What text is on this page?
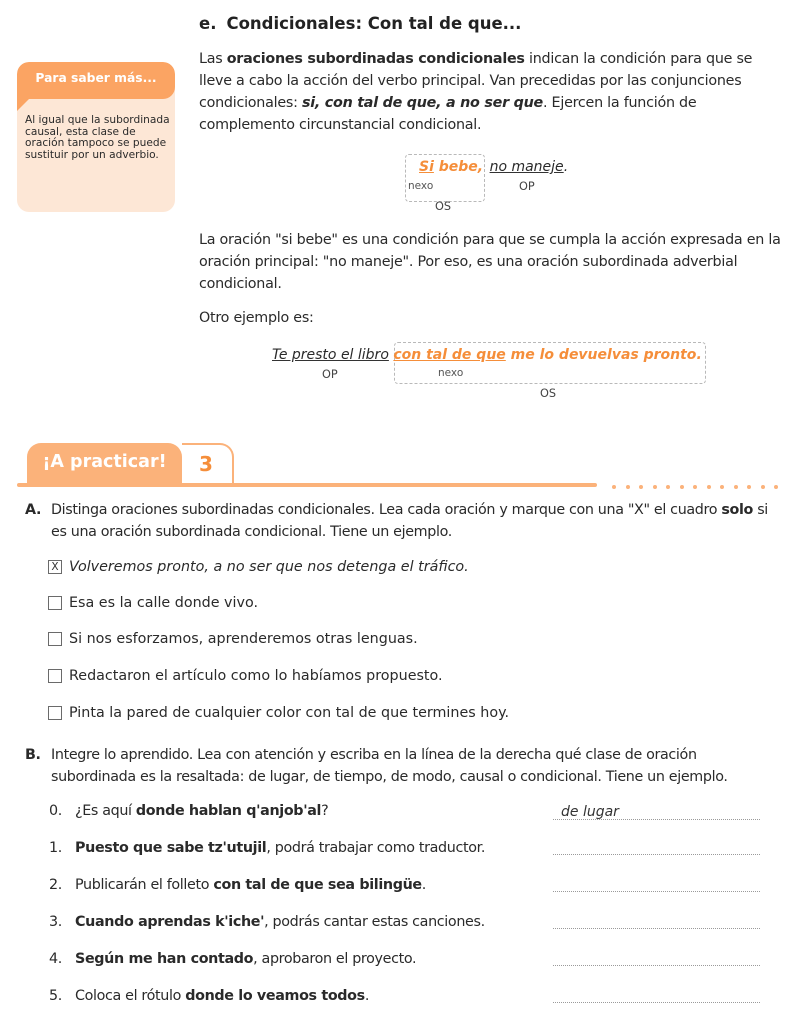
e. Condicionales: Con tal de que...
Las oraciones subordinadas condicionales indican la condición para que se lleve a cabo la acción del verbo principal. Van precedidas por las conjunciones condicionales: si, con tal de que, a no ser que. Ejercen la función de complemento circunstancial condicional.
Para saber más...
Al igual que la subordinada causal, esta clase de oración tampoco se puede sustituir por un adverbio.
Si bebe, no maneje.
nexo	OP
OS
La oración "si bebe" es una condición para que se cumpla la acción expresada en la oración principal: "no maneje". Por eso, es una oración subordinada adverbial condicional.
Otro ejemplo es:
Te presto el libro con tal de que me lo devuelvas pronto.
OP	nexo
OS
¡A practicar!	3
A. Distinga oraciones subordinadas condicionales. Lea cada oración y marque con una "X" el cuadro solo si es una oración subordinada condicional. Tiene un ejemplo.
X Volveremos pronto, a no ser que nos detenga el tráfico.
Esa es la calle donde vivo.
Si nos esforzamos, aprenderemos otras lenguas.
Redactaron el artículo como lo habíamos propuesto.
Pinta la pared de cualquier color con tal de que termines hoy.
B. Integre lo aprendido. Lea con atención y escriba en la línea de la derecha qué clase de oración subordinada es la resaltada: de lugar, de tiempo, de modo, causal o condicional. Tiene un ejemplo.
0. ¿Es aquí donde hablan q'anjob'al?	de lugar
1. Puesto que sabe tz'utujil, podrá trabajar como traductor.
2. Publicarán el folleto con tal de que sea bilingüe.
3. Cuando aprendas k'iche', podrás cantar estas canciones.
4. Según me han contado, aprobaron el proyecto.
5. Coloca el rótulo donde lo veamos todos.
